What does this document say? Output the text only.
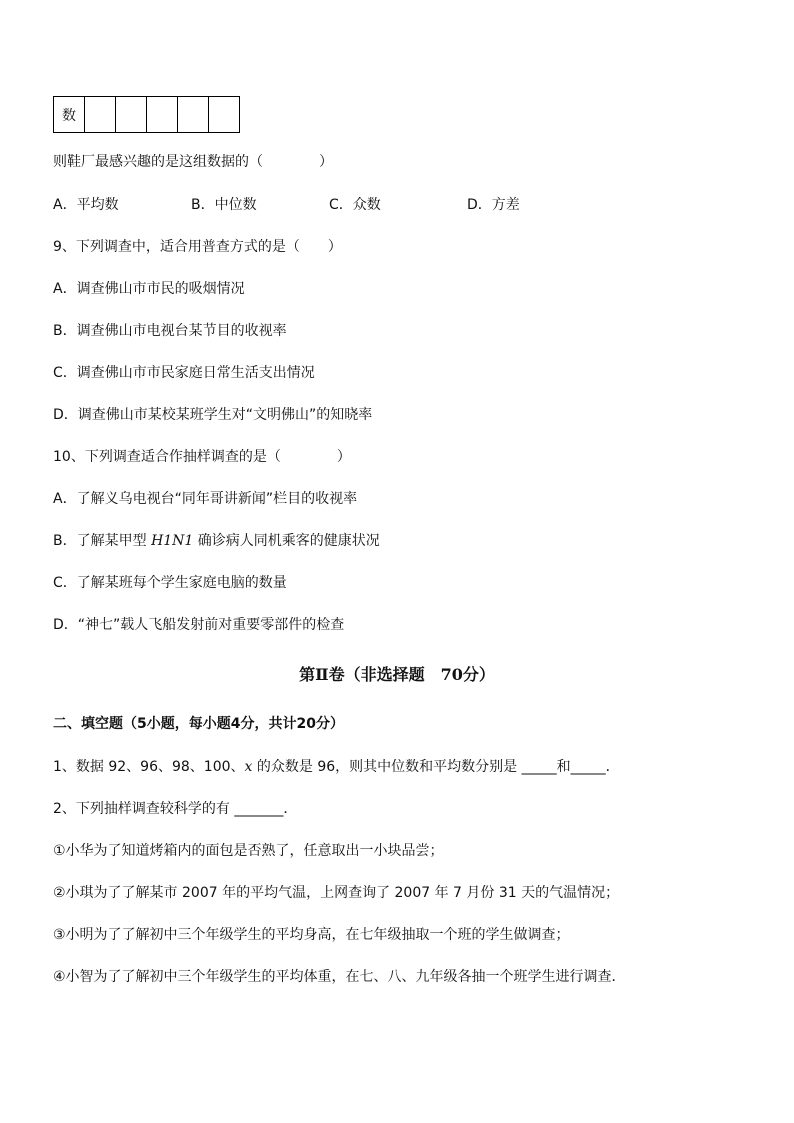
数					
则鞋厂最感兴趣的是这组数据的（　　　　）
A．平均数	B．中位数	C．众数	D．方差
9、下列调查中，适合用普查方式的是（　　）
A．调查佛山市市民的吸烟情况
B．调查佛山市电视台某节目的收视率
C．调查佛山市市民家庭日常生活支出情况
D．调查佛山市某校某班学生对“文明佛山”的知晓率
10、下列调查适合作抽样调查的是（　　　　）
A．了解义乌电视台“同年哥讲新闻”栏目的收视率
B．了解某甲型 H1N1 确诊病人同机乘客的健康状况
C．了解某班每个学生家庭电脑的数量
D．“神七”载人飞船发射前对重要零部件的检查
第Ⅱ卷（非选择题　70分）
二、填空题（5小题，每小题4分，共计20分）
1、数据 92、96、98、100、x 的众数是 96，则其中位数和平均数分别是 _____和_____．
2、下列抽样调查较科学的有 _______．
①小华为了知道烤箱内的面包是否熟了，任意取出一小块品尝；
②小琪为了了解某市 2007 年的平均气温，上网查询了 2007 年 7 月份 31 天的气温情况；
③小明为了了解初中三个年级学生的平均身高，在七年级抽取一个班的学生做调查；
④小智为了了解初中三个年级学生的平均体重，在七、八、九年级各抽一个班学生进行调查．
